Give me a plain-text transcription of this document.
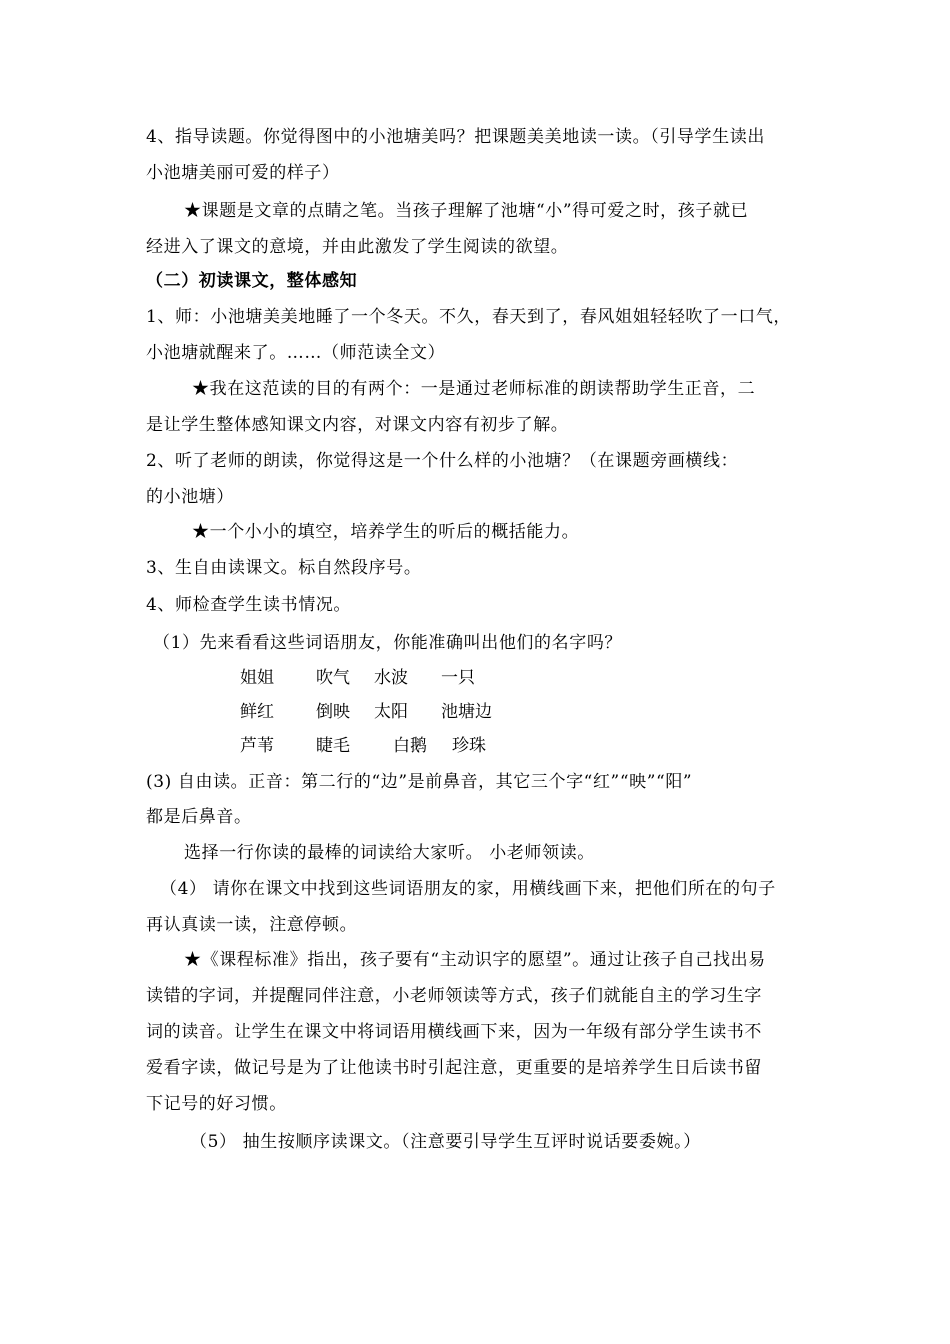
4、指导读题。你觉得图中的小池塘美吗？把课题美美地读一读。（引导学生读出
小池塘美丽可爱的样子）
★课题是文章的点睛之笔。当孩子理解了池塘“小”得可爱之时，孩子就已
经进入了课文的意境，并由此激发了学生阅读的欲望。
（二）初读课文，整体感知
1、师：小池塘美美地睡了一个冬天。不久，春天到了，春风姐姐轻轻吹了一口气，
小池塘就醒来了。……（师范读全文）
★我在这范读的目的有两个：一是通过老师标准的朗读帮助学生正音，二
是让学生整体感知课文内容，对课文内容有初步了解。
2、听了老师的朗读，你觉得这是一个什么样的小池塘？（在课题旁画横线：
的小池塘）
★一个小小的填空，培养学生的听后的概括能力。
3、生自由读课文。标自然段序号。
4、师检查学生读书情况。
（1）先来看看这些词语朋友，你能准确叫出他们的名字吗？
姐姐 吹气 水波 一只
鲜红 倒映 太阳 池塘边
芦苇 睫毛	白鹅 珍珠
(3) 自由读。正音：第二行的“边”是前鼻音，其它三个字“红”“映”“阳”
都是后鼻音。
选择一行你读的最棒的词读给大家听。 小老师领读。
（4） 请你在课文中找到这些词语朋友的家，用横线画下来，把他们所在的句子
再认真读一读，注意停顿。
★《课程标准》指出，孩子要有“主动识字的愿望”。通过让孩子自己找出易
读错的字词，并提醒同伴注意，小老师领读等方式，孩子们就能自主的学习生字
词的读音。让学生在课文中将词语用横线画下来，因为一年级有部分学生读书不
爱看字读，做记号是为了让他读书时引起注意，更重要的是培养学生日后读书留
下记号的好习惯。
（5） 抽生按顺序读课文。（注意要引导学生互评时说话要委婉。）
